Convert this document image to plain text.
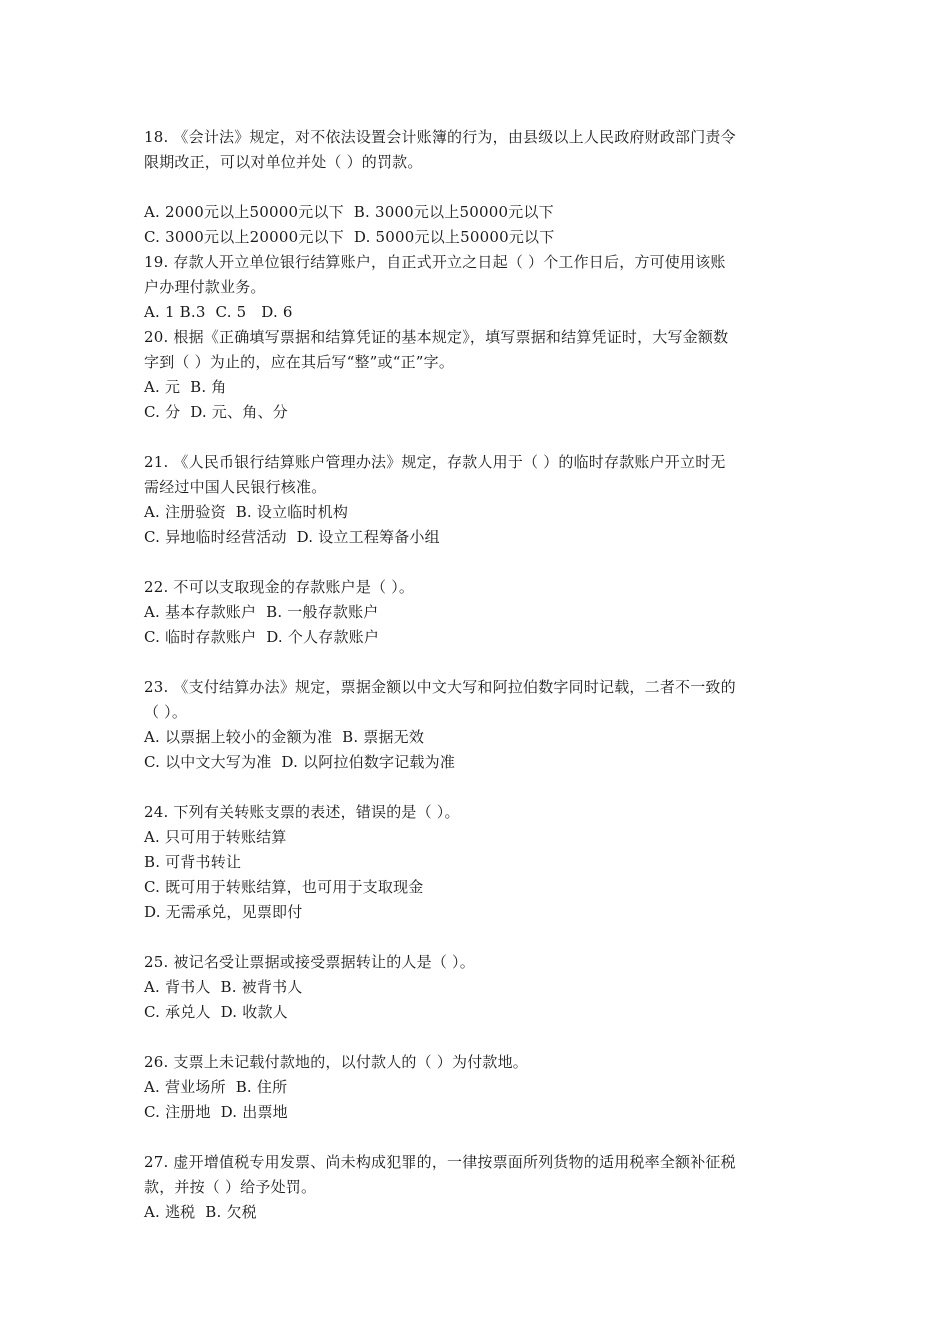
18. 《会计法》规定，对不依法设置会计账簿的行为，由县级以上人民政府财政部门责令
限期改正，可以对单位并处（ ）的罚款。
A. 2000元以上50000元以下  B. 3000元以上50000元以下
C. 3000元以上20000元以下  D. 5000元以上50000元以下
19. 存款人开立单位银行结算账户，自正式开立之日起（ ）个工作日后，方可使用该账
户办理付款业务。
A. 1 B.3  C. 5   D. 6
20. 根据《正确填写票据和结算凭证的基本规定》，填写票据和结算凭证时，大写金额数
字到（ ）为止的，应在其后写“整”或“正”字。
A. 元  B. 角
C. 分  D. 元、角、分
21. 《人民币银行结算账户管理办法》规定，存款人用于（ ）的临时存款账户开立时无
需经过中国人民银行核准。
A. 注册验资  B. 设立临时机构
C. 异地临时经营活动  D. 设立工程筹备小组
22. 不可以支取现金的存款账户是（ ）。
A. 基本存款账户  B. 一般存款账户
C. 临时存款账户  D. 个人存款账户
23. 《支付结算办法》规定，票据金额以中文大写和阿拉伯数字同时记载，二者不一致的
（ ）。
A. 以票据上较小的金额为准  B. 票据无效
C. 以中文大写为准  D. 以阿拉伯数字记载为准
24. 下列有关转账支票的表述，错误的是（ ）。
A. 只可用于转账结算
B. 可背书转让
C. 既可用于转账结算，也可用于支取现金
D. 无需承兑，见票即付
25. 被记名受让票据或接受票据转让的人是（ ）。
A. 背书人  B. 被背书人
C. 承兑人  D. 收款人
26. 支票上未记载付款地的，以付款人的（ ）为付款地。
A. 营业场所  B. 住所
C. 注册地  D. 出票地
27. 虚开增值税专用发票、尚未构成犯罪的，一律按票面所列货物的适用税率全额补征税
款，并按（ ）给予处罚。
A. 逃税  B. 欠税
